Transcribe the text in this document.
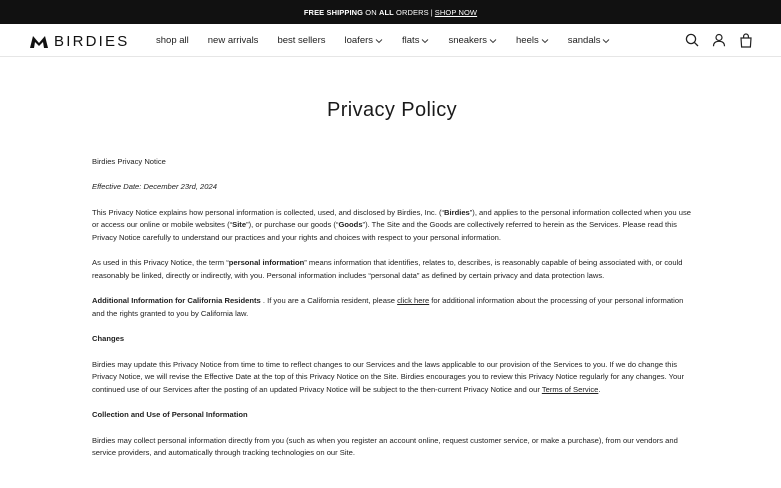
FREE SHIPPING ON ALL ORDERS | SHOP NOW
BIRDIES	shop all new arrivals best sellers loafers	flats	sneakers	heels	sandals
Privacy Policy

Birdies Privacy Notice

Effective Date: December 23rd, 2024

This Privacy Notice explains how personal information is collected, used, and disclosed by Birdies, Inc. (“Birdies”), and applies to the personal information collected when you use or access our online or mobile websites (“Site”), or purchase our goods (“Goods”). The Site and the Goods are collectively referred to herein as the Services. Please read this Privacy Notice carefully to understand our practices and your rights and choices with respect to your personal information.

As used in this Privacy Notice, the term “personal information” means information that identifies, relates to, describes, is reasonably capable of being associated with, or could reasonably be linked, directly or indirectly, with you. Personal information includes “personal data” as defined by certain privacy and data protection laws.

Additional Information for California Residents . If you are a California resident, please click here for additional information about the processing of your personal information and the rights granted to you by California law.

Changes

Birdies may update this Privacy Notice from time to time to reflect changes to our Services and the laws applicable to our provision of the Services to you. If we do change this Privacy Notice, we will revise the Effective Date at the top of this Privacy Notice on the Site. Birdies encourages you to review this Privacy Notice regularly for any changes. Your continued use of our Services after the posting of an updated Privacy Notice will be subject to the then-current Privacy Notice and our Terms of Service.

Collection and Use of Personal Information

Birdies may collect personal information directly from you (such as when you register an account online, request customer service, or make a purchase), from our vendors and service providers, and automatically through tracking technologies on our Site.
